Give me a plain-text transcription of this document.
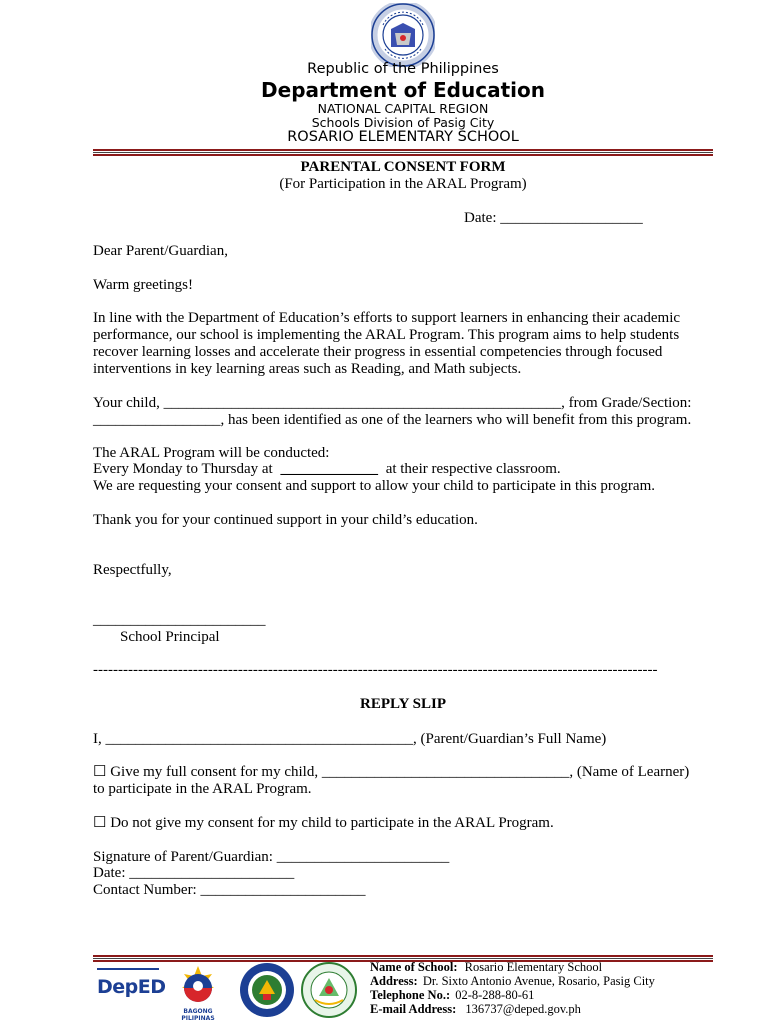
Republic of the Philippines
Department of Education
NATIONAL CAPITAL REGION
Schools Division of Pasig City
ROSARIO ELEMENTARY SCHOOL
PARENTAL CONSENT FORM
(For Participation in the ARAL Program)
Date: ___________________
Dear Parent/Guardian,
Warm greetings!
In line with the Department of Education’s efforts to support learners in enhancing their academic
performance, our school is implementing the ARAL Program. This program aims to help students
recover learning losses and accelerate their progress in essential competencies through focused
interventions in key learning areas such as Reading, and Math subjects.
Your child, _____________________________________________________, from Grade/Section:
_________________, has been identified as one of the learners who will benefit from this program.
The ARAL Program will be conducted:
Every Monday to Thursday at _____________ at their respective classroom.
We are requesting your consent and support to allow your child to participate in this program.
Thank you for your continued support in your child’s education.
Respectfully,
_______________________
School Principal
-----------------------------------------------------------------------------------------------------------------
REPLY SLIP
I, _________________________________________, (Parent/Guardian’s Full Name)
☐ Give my full consent for my child, _________________________________, (Name of Learner)
to participate in the ARAL Program.
☐ Do not give my consent for my child to participate in the ARAL Program.
Signature of Parent/Guardian: _______________________
Date: ______________________
Contact Number: ______________________
DepED
BAGONG PILIPINAS
Name of School: Rosario Elementary School
Address: Dr. Sixto Antonio Avenue, Rosario, Pasig City
Telephone No.: 02-8-288-80-61
E-mail Address: 136737@deped.gov.ph
